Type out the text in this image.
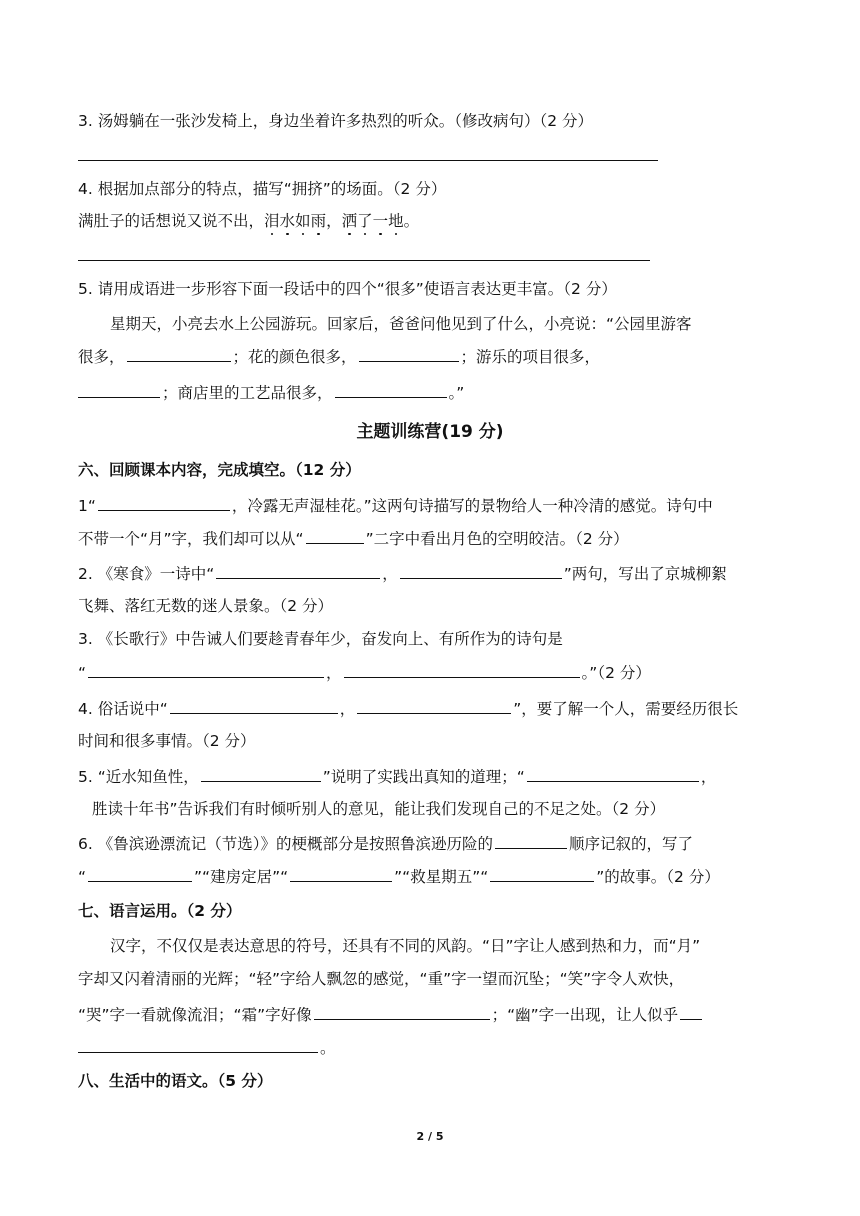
3. 汤姆躺在一张沙发椅上，身边坐着许多热烈的听众。（修改病句）（2 分）
4. 根据加点部分的特点，描写“拥挤”的场面。（2 分）
满肚子的话想说又说不出，泪水如雨，洒了一地。
5. 请用成语进一步形容下面一段话中的四个“很多”使语言表达更丰富。（2 分）
星期天，小亮去水上公园游玩。回家后，爸爸问他见到了什么，小亮说：“公园里游客
很多，	；花的颜色很多，	；游乐的项目很多，
；商店里的工艺品很多，	。”
主题训练营(19 分)
六、回顾课本内容，完成填空。（12 分）
1“	，冷露无声湿桂花。”这两句诗描写的景物给人一种冷清的感觉。诗句中
不带一个“月”字，我们却可以从“	”二字中看出月色的空明皎洁。（2 分）
2. 《寒食》一诗中“	，	”两句，写出了京城柳絮
飞舞、落红无数的迷人景象。（2 分）
3. 《长歌行》中告诫人们要趁青春年少，奋发向上、有所作为的诗句是
“	，	。”（2 分）
4. 俗话说中“	，	”，要了解一个人，需要经历很长
时间和很多事情。（2 分）
5. “近水知鱼性，	”说明了实践出真知的道理；“	，
胜读十年书”告诉我们有时倾听别人的意见，能让我们发现自己的不足之处。（2 分）
6. 《鲁滨逊漂流记（节选）》的梗概部分是按照鲁滨逊历险的	顺序记叙的，写了
“	”“建房定居”“	”“救星期五”“	”的故事。（2 分）
七、语言运用。（2 分）
汉字，不仅仅是表达意思的符号，还具有不同的风韵。“日”字让人感到热和力，而“月”
字却又闪着清丽的光辉；“轻”字给人飘忽的感觉，“重”字一望而沉坠；“笑”字令人欢快，
“哭”字一看就像流泪；“霜”字好像	；“幽”字一出现，让人似乎
。
八、生活中的语文。（5 分）
2 / 5
